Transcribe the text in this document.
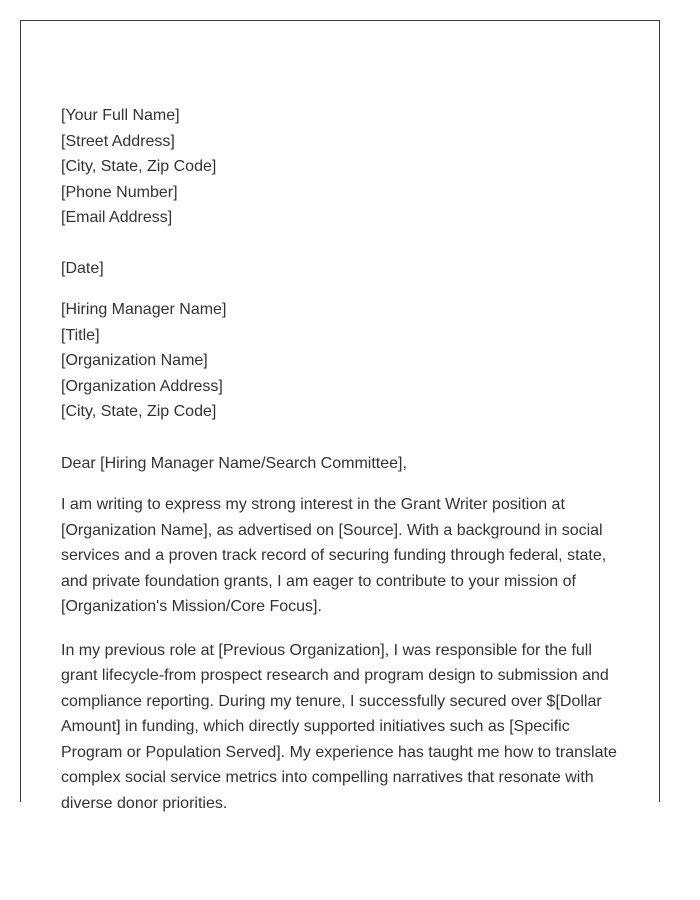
[Your Full Name]
[Street Address]
[City, State, Zip Code]
[Phone Number]
[Email Address]
[Date]
[Hiring Manager Name]
[Title]
[Organization Name]
[Organization Address]
[City, State, Zip Code]

Dear [Hiring Manager Name/Search Committee],

I am writing to express my strong interest in the Grant Writer position at [Organization Name], as advertised on [Source]. With a background in social services and a proven track record of securing funding through federal, state, and private foundation grants, I am eager to contribute to your mission of [Organization's Mission/Core Focus].

In my previous role at [Previous Organization], I was responsible for the full grant lifecycle-from prospect research and program design to submission and compliance reporting. During my tenure, I successfully secured over $[Dollar Amount] in funding, which directly supported initiatives such as [Specific Program or Population Served]. My experience has taught me how to translate complex social service metrics into compelling narratives that resonate with diverse donor priorities.
